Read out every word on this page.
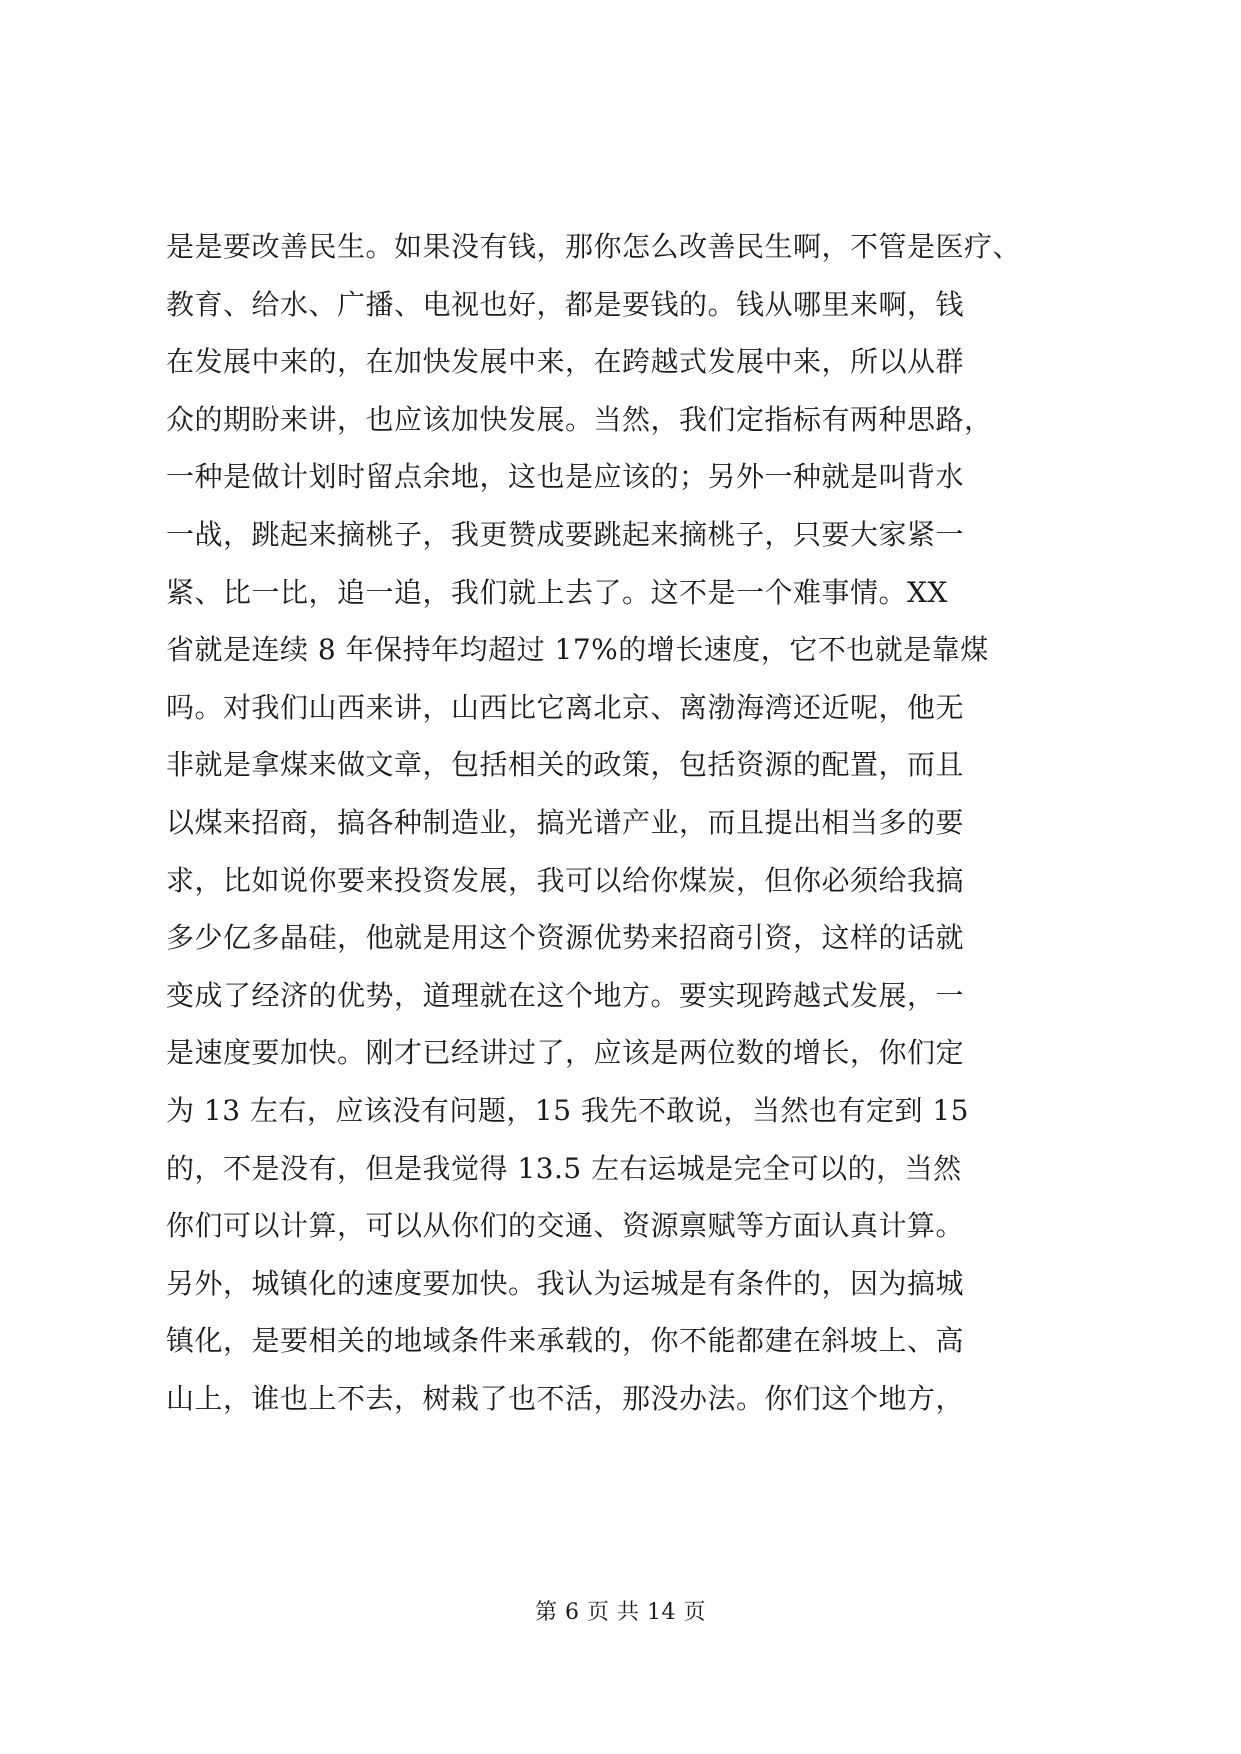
是是要改善民生。如果没有钱，那你怎么改善民生啊，不管是医疗、
教育、给水、广播、电视也好，都是要钱的。钱从哪里来啊，钱
在发展中来的，在加快发展中来，在跨越式发展中来，所以从群
众的期盼来讲，也应该加快发展。当然，我们定指标有两种思路，
一种是做计划时留点余地，这也是应该的；另外一种就是叫背水
一战，跳起来摘桃子，我更赞成要跳起来摘桃子，只要大家紧一
紧、比一比，追一追，我们就上去了。这不是一个难事情。XX
省就是连续 8 年保持年均超过 17%的增长速度，它不也就是靠煤
吗。对我们山西来讲，山西比它离北京、离渤海湾还近呢，他无
非就是拿煤来做文章，包括相关的政策，包括资源的配置，而且
以煤来招商，搞各种制造业，搞光谱产业，而且提出相当多的要
求，比如说你要来投资发展，我可以给你煤炭，但你必须给我搞
多少亿多晶硅，他就是用这个资源优势来招商引资，这样的话就
变成了经济的优势，道理就在这个地方。要实现跨越式发展，一
是速度要加快。刚才已经讲过了，应该是两位数的增长，你们定
为 13 左右，应该没有问题，15 我先不敢说，当然也有定到 15
的，不是没有，但是我觉得 13.5 左右运城是完全可以的，当然
你们可以计算，可以从你们的交通、资源禀赋等方面认真计算。
另外，城镇化的速度要加快。我认为运城是有条件的，因为搞城
镇化，是要相关的地域条件来承载的，你不能都建在斜坡上、高
山上，谁也上不去，树栽了也不活，那没办法。你们这个地方，
第 6 页 共 14 页
